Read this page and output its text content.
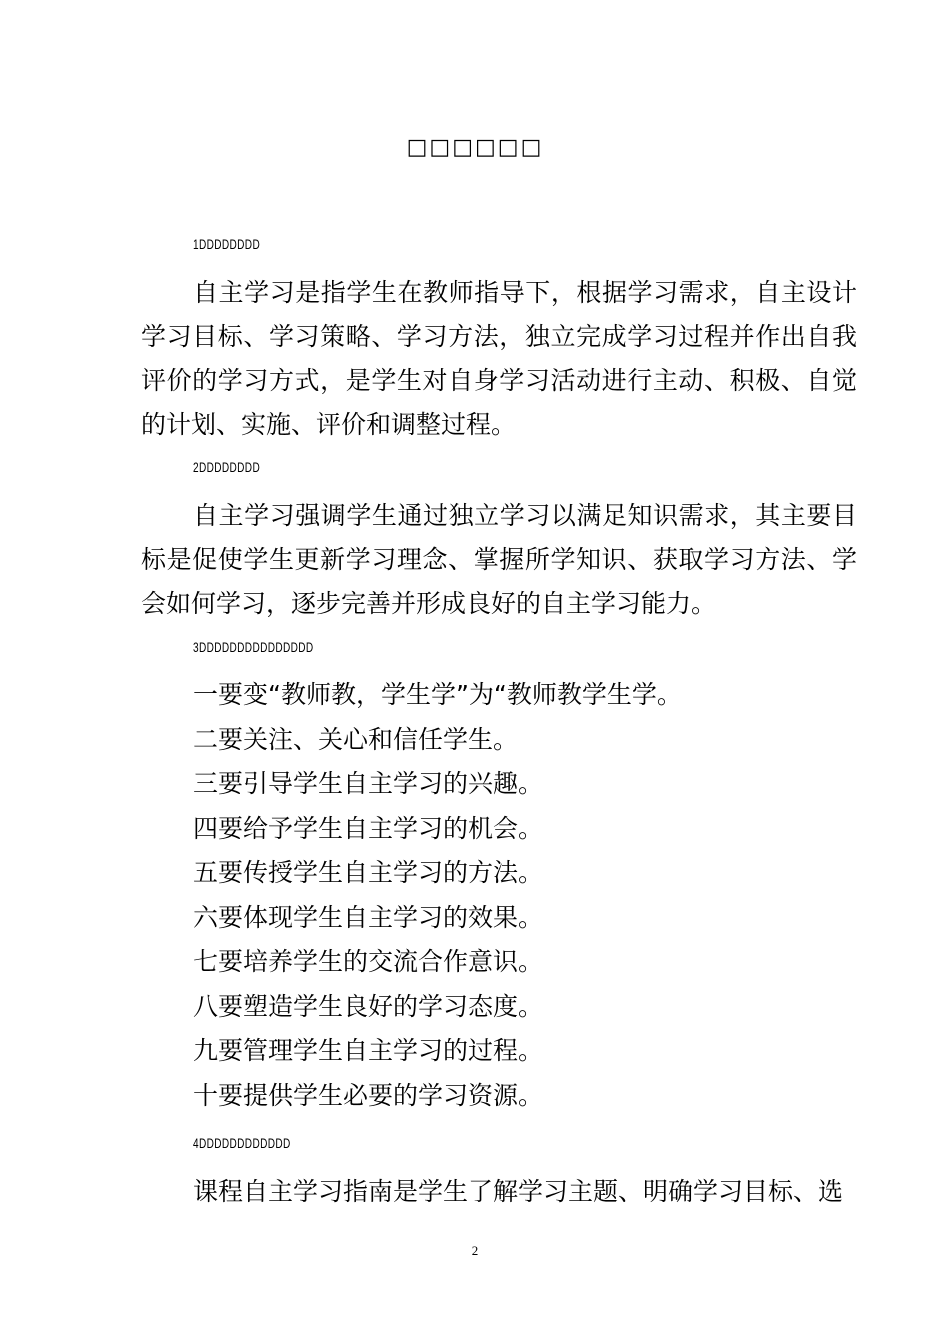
□□□□□□
1DDDDDDDD

自主学习是指学生在教师指导下，根据学习需求，自主设计学习目标、学习策略、学习方法，独立完成学习过程并作出自我评价的学习方式，是学生对自身学习活动进行主动、积极、自觉的计划、实施、评价和调整过程。

2DDDDDDDD

自主学习强调学生通过独立学习以满足知识需求，其主要目标是促使学生更新学习理念、掌握所学知识、获取学习方法、学会如何学习，逐步完善并形成良好的自主学习能力。

3DDDDDDDDDDDDDDD

一要变“教师教，学生学”为“教师教学生学。

二要关注、关心和信任学生。

三要引导学生自主学习的兴趣。

四要给予学生自主学习的机会。

五要传授学生自主学习的方法。

六要体现学生自主学习的效果。

七要培养学生的交流合作意识。

八要塑造学生良好的学习态度。

九要管理学生自主学习的过程。

十要提供学生必要的学习资源。

4DDDDDDDDDDDD

课程自主学习指南是学生了解学习主题、明确学习目标、选

2
